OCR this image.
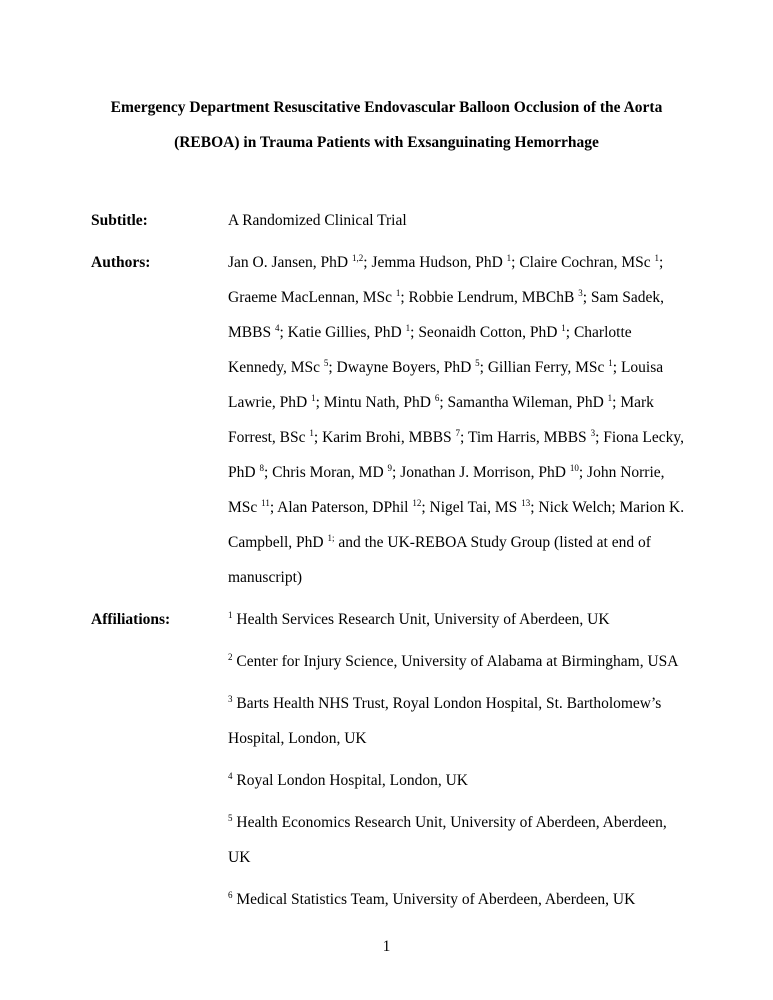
Emergency Department Resuscitative Endovascular Balloon Occlusion of the Aorta
(REBOA) in Trauma Patients with Exsanguinating Hemorrhage
Subtitle:	A Randomized Clinical Trial
Authors:	Jan O. Jansen, PhD $^{1,2}$; Jemma Hudson, PhD $^1$; Claire Cochran, MSc $^1$; Graeme MacLennan, MSc $^1$; Robbie Lendrum, MBChB $^3$; Sam Sadek, MBBS $^4$; Katie Gillies, PhD $^1$; Seonaidh Cotton, PhD $^1$; Charlotte Kennedy, MSc $^5$; Dwayne Boyers, PhD $^5$; Gillian Ferry, MSc $^1$; Louisa Lawrie, PhD $^1$; Mintu Nath, PhD $^6$; Samantha Wileman, PhD $^1$; Mark Forrest, BSc $^1$; Karim Brohi, MBBS $^7$; Tim Harris, MBBS $^3$; Fiona Lecky, PhD $^8$; Chris Moran, MD $^9$; Jonathan J. Morrison, PhD $^{10}$; John Norrie, MSc $^{11}$; Alan Paterson, DPhil $^{12}$; Nigel Tai, MS $^{13}$; Nick Welch; Marion K. Campbell, PhD $^{1;}$ and the UK-REBOA Study Group (listed at end of manuscript)
Affiliations:	$^1$ Health Services Research Unit, University of Aberdeen, UK
$^2$ Center for Injury Science, University of Alabama at Birmingham, USA
$^3$ Barts Health NHS Trust, Royal London Hospital, St. Bartholomew’s Hospital, London, UK
$^4$ Royal London Hospital, London, UK
$^5$ Health Economics Research Unit, University of Aberdeen, Aberdeen, UK
$^6$ Medical Statistics Team, University of Aberdeen, Aberdeen, UK
1
